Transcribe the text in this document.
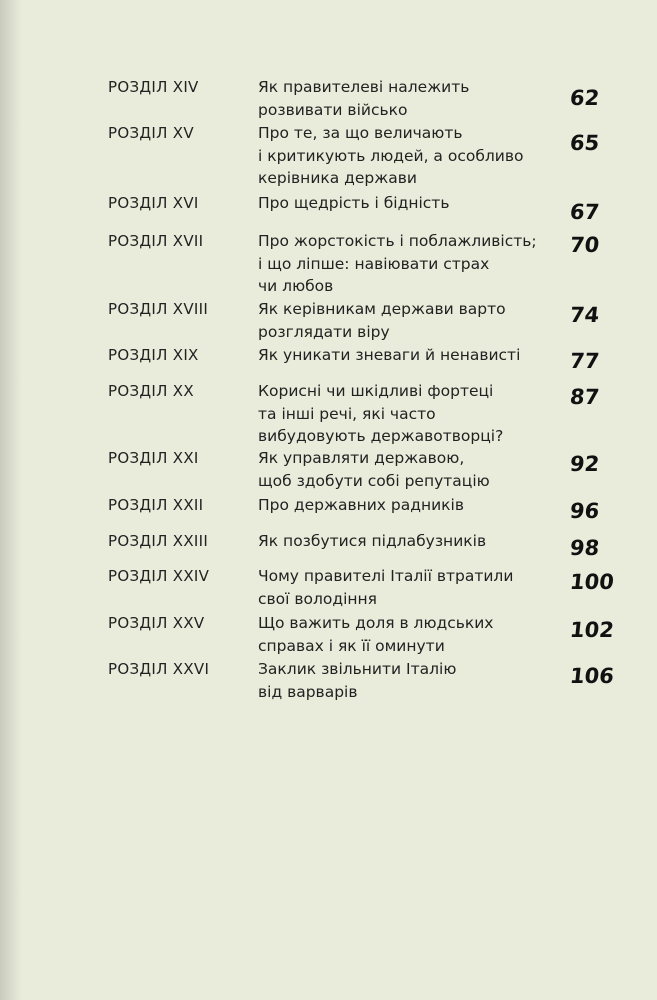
РОЗДІЛ XIV	Як правителеві належить
розвивати військо	62
РОЗДІЛ XV	Про те, за що величають
і критикують людей, а особливо
керівника держави
65
РОЗДІЛ XVI	Про щедрість і бідність	67
РОЗДІЛ XVII	Про жорстокість і поблажливість;
і що ліпше: навіювати страх
чи любов
70
РОЗДІЛ XVIII	Як керівникам держави варто
розглядати віру
74
РОЗДІЛ XIX	Як уникати зневаги й ненависті	77
РОЗДІЛ XX	Корисні чи шкідливі фортеці
та інші речі, які часто
вибудовують державотворці?
87
РОЗДІЛ XXI	Як управляти державою,
щоб здобути собі репутацію
92
РОЗДІЛ XXII	Про державних радників	96
РОЗДІЛ XXIII	Як позбутися підлабузників	98
РОЗДІЛ XXIV	Чому правителі Італії втратили
свої володіння
100
РОЗДІЛ XXV	Що важить доля в людських
справах і як її оминути
102
РОЗДІЛ XXVI	Заклик звільнити Італію
від варварів
106
